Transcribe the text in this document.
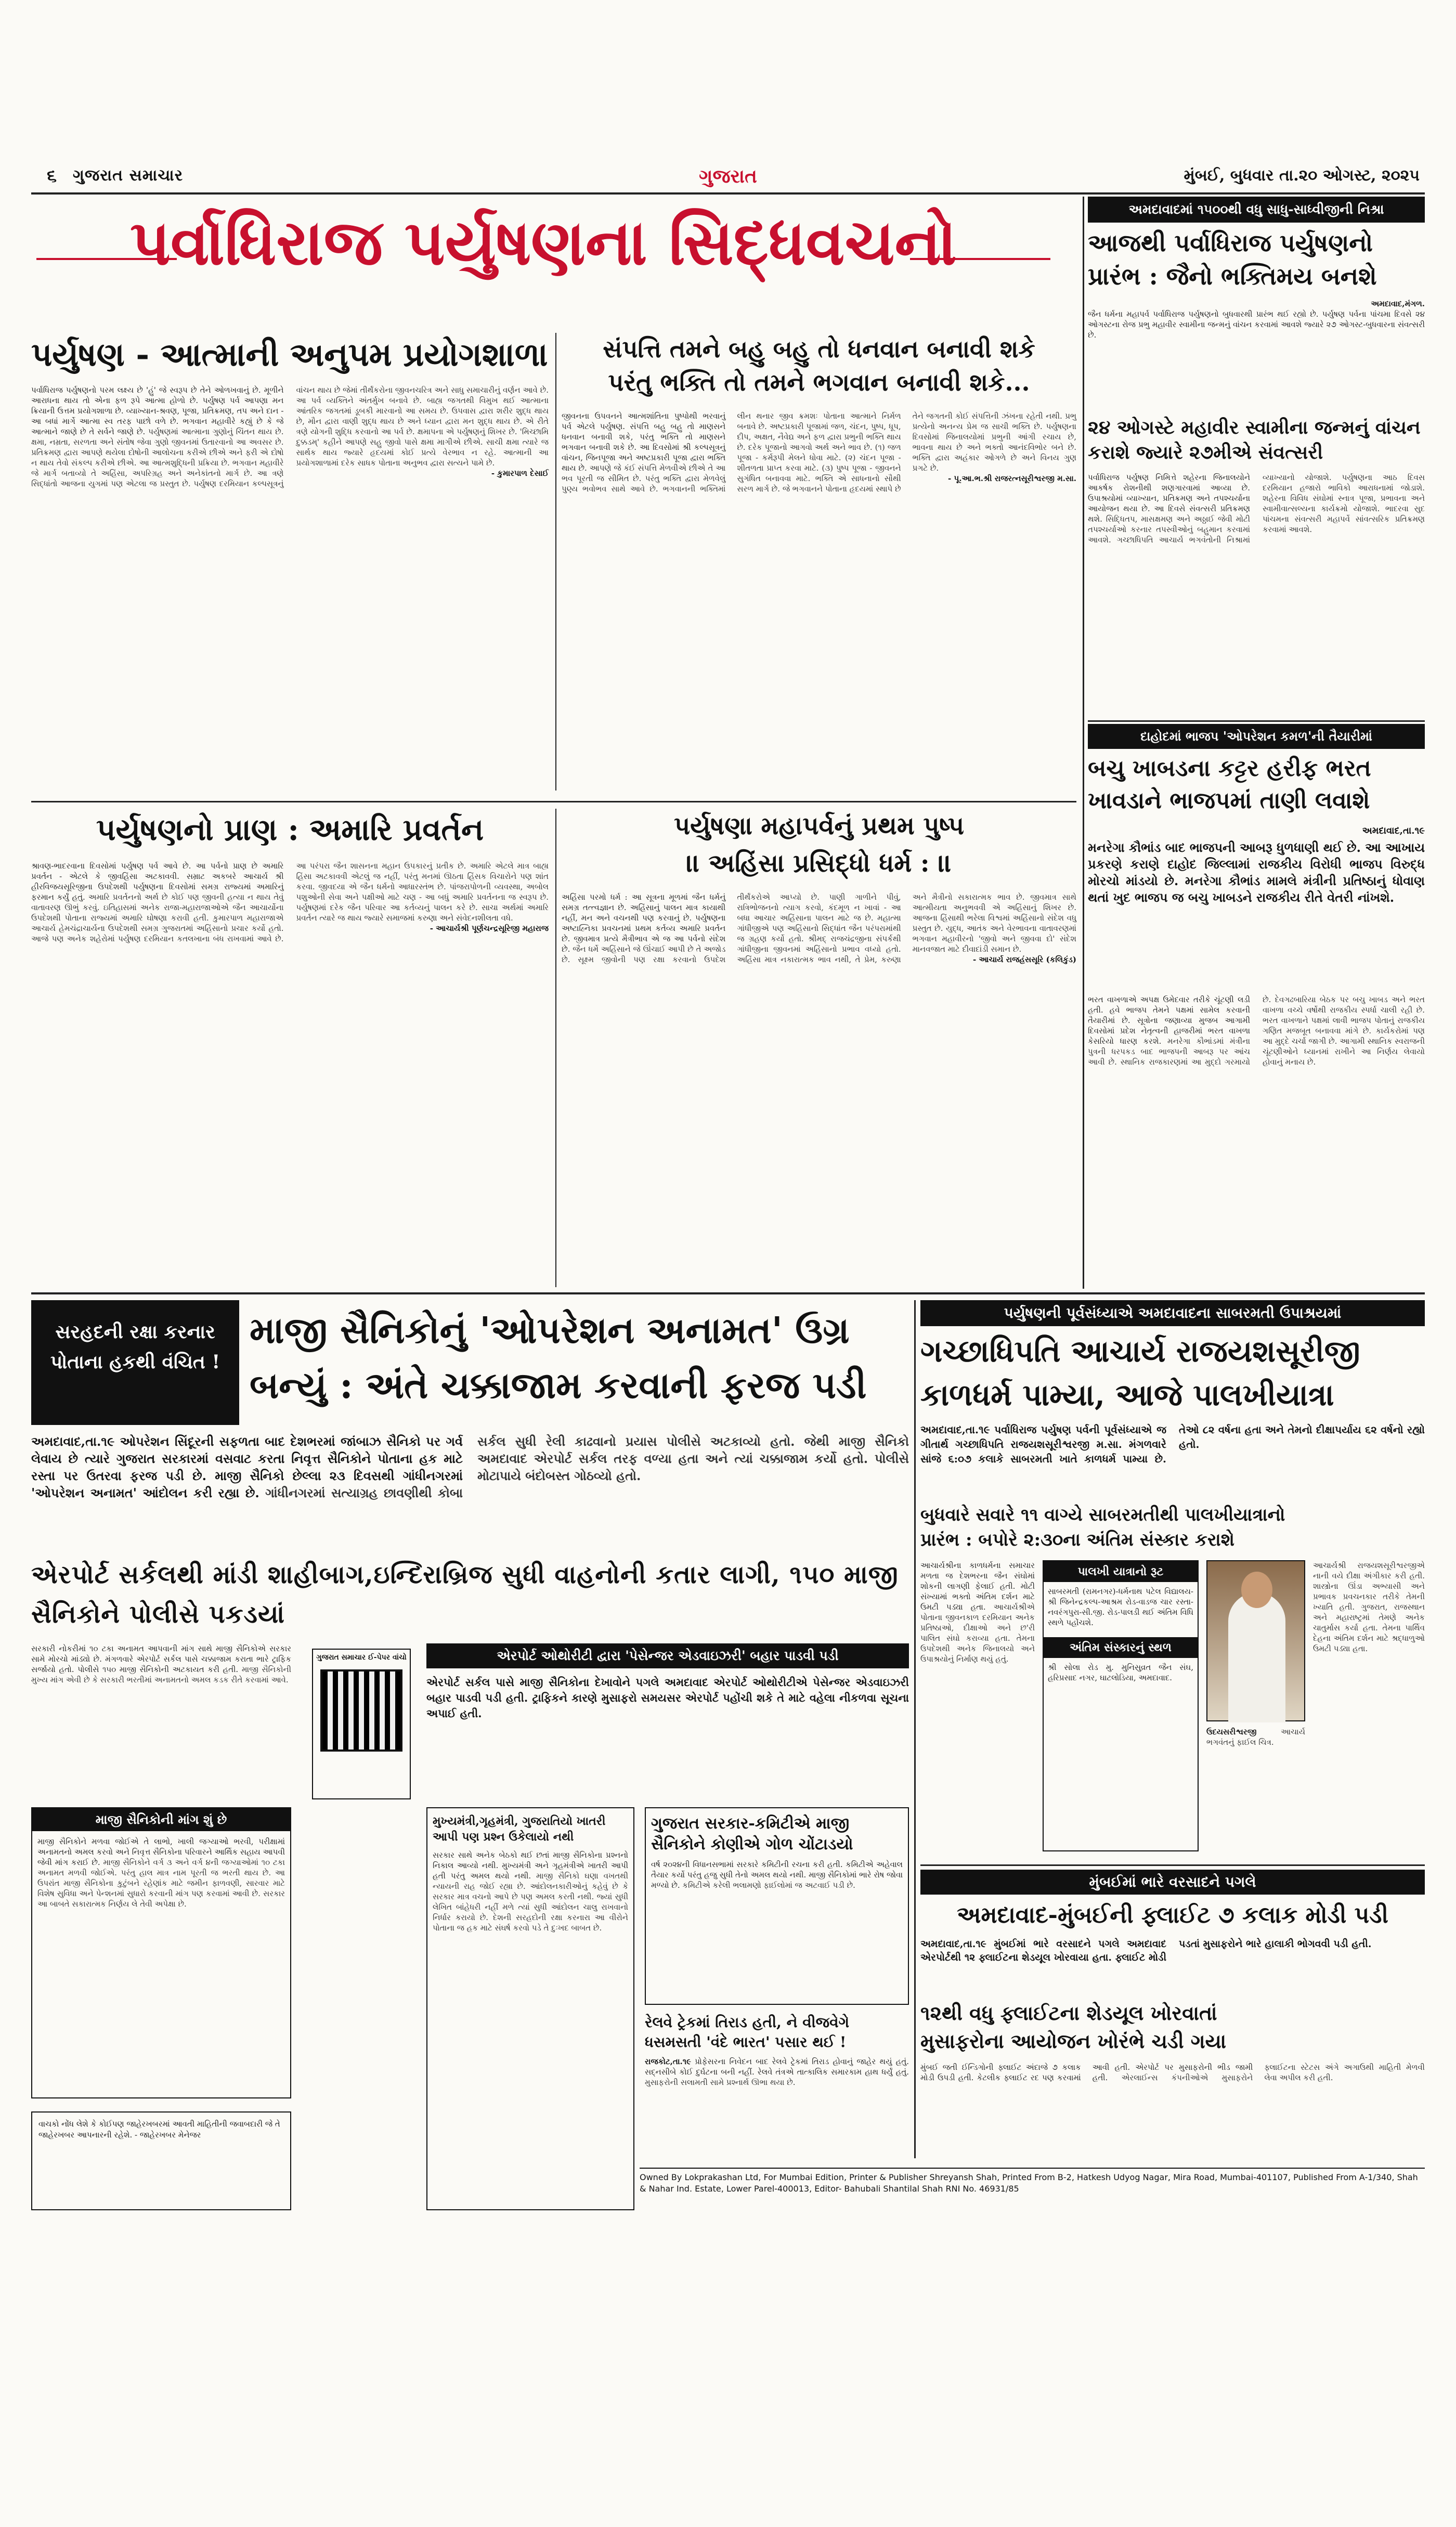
૬ ગુજરાત સમાચાર	ગુજરાત	મુંબઈ, બુધવાર તા.૨૦ ઓગસ્ટ, ૨૦૨૫
પર્વાધિરાજ પર્યુષણના સિદ્ધવચનો
પર્યુષણ - આત્માની અનુપમ પ્રયોગશાળા
પર્વાધિરાજ પર્યુષણનો પરમ લક્ષ્ય છે 'હું' જે સ્વરૂપ છે તેને ઓળખવાનું છે. મૂળીને આરાધના થાય તો એના ફળ રૂપે આત્મા હોળો છે. પર્યુષણ પર્વ આપણા મન ક્રિયાની ઉત્તમ પ્રયોગશાળા છે. વ્યાખ્યાન-શ્રવણ, પૂજા, પ્રતિક્રમણ, તપ અને દાન - આ બધાં માર્ગે આત્મા સ્વ તરફ પાછો વળે છે. ભગવાન મહાવીરે કહ્યું છે કે જે આત્માને જાણે છે તે સર્વને જાણે છે. પર્યુષણમાં આત્માના ગુણોનું ચિંતન થાય છે. ક્ષમા, નમ્રતા, સરળતા અને સંતોષ જેવા ગુણો જીવનમાં ઉતારવાનો આ અવસર છે. પ્રતિક્રમણ દ્વારા આપણે થયેલા દોષોની આલોચના કરીએ છીએ અને ફરી એ દોષો ન થાય તેવો સંકલ્પ કરીએ છીએ. આ આત્મશુદ્ધિની પ્રક્રિયા છે. ભગવાન મહાવીરે જે માર્ગ બતાવ્યો તે અહિંસા, અપરિગ્રહ અને અનેકાંતનો માર્ગ છે. આ ત્રણે સિદ્ધાંતો આજના યુગમાં પણ એટલા જ પ્રસ્તુત છે. પર્યુષણ દરમિયાન કલ્પસૂત્રનું વાંચન થાય છે જેમાં તીર્થંકરોના જીવનચરિત્ર અને સાધુ સમાચારીનું વર્ણન આવે છે. આ પર્વ વ્યક્તિને અંતર્મુખ બનાવે છે. બાહ્ય જગતથી વિમુખ થઈ આત્માના આંતરિક જગતમાં ડૂબકી મારવાનો આ સમય છે. ઉપવાસ દ્વારા શરીર શુદ્ધ થાય છે, મૌન દ્વારા વાણી શુદ્ધ થાય છે અને ધ્યાન દ્વારા મન શુદ્ધ થાય છે. એ રીતે ત્રણે યોગની શુદ્ધિ કરવાનો આ પર્વ છે. ક્ષમાપના એ પર્યુષણનું શિખર છે. 'મિચ્છામિ દુક્કડમ્' કહીને આપણે સહુ જીવો પાસે ક્ષમા માગીએ છીએ. સાચી ક્ષમા ત્યારે જ સાર્થક થાય જ્યારે હૃદયમાં કોઈ પ્રત્યે વેરભાવ ન રહે. આત્માની આ પ્રયોગશાળામાં દરેક સાધક પોતાના અનુભવ દ્વારા સત્યને પામે છે.
- કુમારપાળ દેસાઈ
સંપત્તિ તમને બહુ બહુ તો ધનવાન બનાવી શકે
પરંતુ ભક્તિ તો તમને ભગવાન બનાવી શકે...
જીવનના ઉપવનને આત્મશાંતિના પુષ્પોથી ભરવાનું પર્વ એટલે પર્યુષણ. સંપત્તિ બહુ બહુ તો માણસને ધનવાન બનાવી શકે, પરંતુ ભક્તિ તો માણસને ભગવાન બનાવી શકે છે. આ દિવસોમાં શ્રી કલ્પસૂત્રનું વાંચન, જિનપૂજા અને અષ્ટપ્રકારી પૂજા દ્વારા ભક્તિ થાય છે. આપણે જે કંઈ સંપત્તિ મેળવીએ છીએ તે આ ભવ પૂરતી જ સીમિત છે. પરંતુ ભક્તિ દ્વારા મેળવેલું પુણ્ય ભવોભવ સાથે આવે છે. ભગવાનની ભક્તિમાં લીન થનાર જીવ ક્રમશઃ પોતાના આત્માને નિર્મળ બનાવે છે. અષ્ટપ્રકારી પૂજામાં જળ, ચંદન, પુષ્પ, ધૂપ, દીપ, અક્ષત, નૈવેદ્ય અને ફળ દ્વારા પ્રભુની ભક્તિ થાય છે. દરેક પૂજાનો આગવો અર્થ અને ભાવ છે. (૧) જળ પૂજા - કર્મરૂપી મેલને ધોવા માટે. (૨) ચંદન પૂજા - શીતળતા પ્રાપ્ત કરવા માટે. (૩) પુષ્પ પૂજા - જીવનને સુગંધિત બનાવવા માટે. ભક્તિ એ સાધનાનો સૌથી સરળ માર્ગ છે. જે ભગવાનને પોતાના હૃદયમાં સ્થાપે છે તેને જગતની કોઈ સંપત્તિની ઝંખના રહેતી નથી. પ્રભુ પ્રત્યેનો અનન્ય પ્રેમ જ સાચી ભક્તિ છે. પર્યુષણના દિવસોમાં જિનાલયોમાં પ્રભુની આંગી રચાય છે, ભાવના થાય છે અને ભક્તો આનંદવિભોર બને છે. ભક્તિ દ્વારા અહંકાર ઓગળે છે અને વિનય ગુણ પ્રગટે છે.
- પૂ.આ.ભ.શ્રી રાજરત્નસૂરીશ્વરજી મ.સા.
પર્યુષણનો પ્રાણ : અમારિ પ્રવર્તન
શ્રાવણ-ભાદરવાના દિવસોમાં પર્યુષણ પર્વ આવે છે. આ પર્વનો પ્રાણ છે અમારિ પ્રવર્તન - એટલે કે જીવહિંસા અટકાવવી. સમ્રાટ અકબરે આચાર્ય શ્રી હીરવિજયસૂરિજીના ઉપદેશથી પર્યુષણના દિવસોમાં સમગ્ર રાજ્યમાં અમારિનું ફરમાન કર્યું હતું. અમારિ પ્રવર્તનનો અર્થ છે કોઈ પણ જીવની હત્યા ન થાય તેવું વાતાવરણ ઊભું કરવું. ઇતિહાસમાં અનેક રાજા-મહારાજાઓએ જૈન આચાર્યોના ઉપદેશથી પોતાના રાજ્યમાં અમારિ ઘોષણા કરાવી હતી. કુમારપાળ મહારાજાએ આચાર્ય હેમચંદ્રાચાર્યના ઉપદેશથી સમગ્ર ગુજરાતમાં અહિંસાનો પ્રચાર કર્યો હતો. આજે પણ અનેક શહેરોમાં પર્યુષણ દરમિયાન કતલખાના બંધ રાખવામાં આવે છે. આ પરંપરા જૈન શાસનના મહાન ઉપકારનું પ્રતીક છે. અમારિ એટલે માત્ર બાહ્ય હિંસા અટકાવવી એટલું જ નહીં, પરંતુ મનમાં ઊઠતા હિંસક વિચારોને પણ શાંત કરવા. જીવદયા એ જૈન ધર્મનો આધારસ્તંભ છે. પાંજરાપોળની વ્યવસ્થા, અબોલ પશુઓની સેવા અને પક્ષીઓ માટે ચણ - આ બધું અમારિ પ્રવર્તનના જ સ્વરૂપ છે. પર્યુષણમાં દરેક જૈન પરિવાર આ કર્તવ્યનું પાલન કરે છે. સાચા અર્થમાં અમારિ પ્રવર્તન ત્યારે જ થાય જ્યારે સમાજમાં કરુણા અને સંવેદનશીલતા વધે.
- આચાર્યશ્રી પૂર્ણચન્દ્રસૂરિજી મહારાજ
પર્યુષણા મહાપર્વનું પ્રથમ પુષ્પ
।। અહિંસા પ્રસિદ્ધો ધર્મ : ।।
અહિંસા પરમો ધર્મ : આ સૂત્રના મૂળમાં જૈન ધર્મનું સમગ્ર તત્ત્વજ્ઞાન છે. અહિંસાનું પાલન માત્ર કાયાથી નહીં, મન અને વચનથી પણ કરવાનું છે. પર્યુષણના અષ્ટાહ્નિકા પ્રવચનમાં પ્રથમ કર્તવ્ય અમારિ પ્રવર્તન છે. જીવમાત્ર પ્રત્યે મૈત્રીભાવ એ જ આ પર્વનો સંદેશ છે. જૈન ધર્મે અહિંસાને જે ઊંચાઈ આપી છે તે અજોડ છે. સૂક્ષ્મ જીવોની પણ રક્ષા કરવાનો ઉપદેશ તીર્થંકરોએ આપ્યો છે. પાણી ગાળીને પીવું, રાત્રિભોજનનો ત્યાગ કરવો, કંદમૂળ ન ખાવાં - આ બધા આચાર અહિંસાના પાલન માટે જ છે. મહાત્મા ગાંધીજીએ પણ અહિંસાનો સિદ્ધાંત જૈન પરંપરામાંથી જ ગ્રહણ કર્યો હતો. શ્રીમદ્ રાજચંદ્રજીના સંપર્કથી ગાંધીજીના જીવનમાં અહિંસાનો પ્રભાવ વધ્યો હતો. અહિંસા માત્ર નકારાત્મક ભાવ નથી, તે પ્રેમ, કરુણા અને મૈત્રીનો સકારાત્મક ભાવ છે. જીવમાત્ર સાથે આત્મીયતા અનુભવવી એ અહિંસાનું શિખર છે. આજના હિંસાથી ભરેલા વિશ્વમાં અહિંસાનો સંદેશ વધુ પ્રસ્તુત છે. યુદ્ધ, આતંક અને વેરભાવના વાતાવરણમાં ભગવાન મહાવીરનો 'જીવો અને જીવવા દો' સંદેશ માનવજાત માટે દીવાદાંડી સમાન છે.
- આચાર્ય રાજહંસસૂરિ (કલિકુંડ)
અમદાવાદમાં ૧૫૦૦થી વધુ સાધુ-સાધ્વીજીની નિશ્રા
આજથી પર્વાધિરાજ પર્યુષણનો
પ્રારંભ : જૈનો ભક્તિમય બનશે
અમદાવાદ,મંગળ.
જૈન ધર્મના મહાપર્વ પર્વાધિરાજ પર્યુષણનો બુધવારથી પ્રારંભ થઈ રહ્યો છે. પર્યુષણ પર્વના પાંચમા દિવસે ૨૪ ઓગસ્ટના રોજ પ્રભુ મહાવીર સ્વામીના જન્મનું વાંચન કરવામાં આવશે જ્યારે ૨૭ ઓગસ્ટ-બુધવારના સંવત્સરી છે.
૨૪ ઓગસ્ટે મહાવીર સ્વામીના જન્મનું વાંચન કરાશે જ્યારે ૨૭મીએ સંવત્સરી
પર્વાધિરાજ પર્યુષણ નિમિત્તે શહેરના જિનાલયોને આકર્ષક રોશનીથી શણગારવામાં આવ્યા છે. ઉપાશ્રયોમાં વ્યાખ્યાન, પ્રતિક્રમણ અને તપશ્ચર્યાના આયોજન થયા છે. આ દિવસે સંવત્સરી પ્રતિક્રમણ થશે. સિદ્ધિતપ, માસક્ષમણ અને અઠ્ઠાઈ જેવી મોટી તપશ્ચર્યાઓ કરનાર તપસ્વીઓનું બહુમાન કરવામાં આવશે. ગચ્છાધિપતિ આચાર્ય ભગવંતોની નિશ્રામાં વ્યાખ્યાનો યોજાશે. પર્યુષણના આઠ દિવસ દરમિયાન હજારો ભાવિકો આરાધનામાં જોડાશે. શહેરના વિવિધ સંઘોમાં સ્નાત્ર પૂજા, પ્રભાવના અને સ્વામીવાત્સલ્યના કાર્યક્રમો યોજાશે. ભાદરવા સુદ પાંચમના સંવત્સરી મહાપર્વે સાંવત્સરિક પ્રતિક્રમણ કરવામાં આવશે.
દાહોદમાં ભાજપ 'ઓપરેશન કમળ'ની તૈયારીમાં
બચુ ખાબડના કટ્ટર હરીફ ભરત
ખાવડાને ભાજપમાં તાણી લવાશે
અમદાવાદ,તા.૧૯
મનરેગા કૌભાંડ બાદ ભાજપની આબરૂ ધુળધાણી થઈ છે. આ આખાય પ્રકરણે કરાણે દાહોદ જિલ્લામાં રાજકીય વિરોધી ભાજપ વિરુદ્ધ મોરચો માંડયો છે. મનરેગા કૌભાંડ મામલે મંત્રીની પ્રતિષ્ઠાનું ધોવાણ થતાં ખુદ ભાજપ જ બચુ ખાબડને રાજકીય રીતે વેતરી નાંખશે.
ભરત વાખળાએ અપક્ષ ઉમેદવાર તરીકે ચૂંટણી લડી હતી. હવે ભાજપ તેમને પક્ષમાં સામેલ કરવાની તૈયારીમાં છે. સૂત્રોના જણાવ્યા મુજબ આગામી દિવસોમાં પ્રદેશ નેતૃત્વની હાજરીમાં ભરત વાખળા કેસરિયો ધારણ કરશે. મનરેગા કૌભાંડમાં મંત્રીના પુત્રની ધરપકડ બાદ ભાજપની આબરૂ પર આંચ આવી છે. સ્થાનિક રાજકારણમાં આ મુદ્દો ગરમાયો છે. દેવગઢબારિયા બેઠક પર બચુ ખાબડ અને ભરત વાખળા વચ્ચે વર્ષોથી રાજકીય સ્પર્ધા ચાલી રહી છે. ભરત વાખળાને પક્ષમાં લાવી ભાજપ પોતાનું રાજકીય ગણિત મજબૂત બનાવવા માંગે છે. કાર્યકરોમાં પણ આ મુદ્દે ચર્ચા જાગી છે. આગામી સ્થાનિક સ્વરાજની ચૂંટણીઓને ધ્યાનમાં રાખીને આ નિર્ણય લેવાયો હોવાનું મનાય છે.
સરહદની રક્ષા કરનાર પોતાના હકથી વંચિત !
માજી સૈનિકોનું 'ઓપરેશન અનામત' ઉગ્ર
બન્યું : અંતે ચક્કાજામ કરવાની ફરજ પડી
અમદાવાદ,તા.૧૯ ઓપરેશન સિંદૂરની સફળતા બાદ દેશભરમાં જાંબાઝ સૈનિકો પર ગર્વ લેવાય છે ત્યારે ગુજરાત સરકારમાં વસવાટ કરતા નિવૃત્ત સૈનિકોને પોતાના હક માટે રસ્તા પર ઉતરવા ફરજ પડી છે. માજી સૈનિકો છેલ્લા ૨૩ દિવસથી ગાંધીનગરમાં 'ઓપરેશન અનામત' આંદોલન કરી રહ્યા છે. ગાંધીનગરમાં સત્યાગ્રહ છાવણીથી કોબા સર્કલ સુધી રેલી કાઢવાનો પ્રયાસ પોલીસે અટકાવ્યો હતો. જેથી માજી સૈનિકો અમદાવાદ એરપોર્ટ સર્કલ તરફ વળ્યા હતા અને ત્યાં ચક્કાજામ કર્યો હતો. પોલીસે મોટાપાયે બંદોબસ્ત ગોઠવ્યો હતો.
એરપોર્ટ સર્કલથી માંડી શાહીબાગ,ઇન્દિરાબ્રિજ સુધી વાહનોની કતાર લાગી, ૧૫૦ માજી સૈનિકોને પોલીસે પકડયાં
સરકારી નોકરીમાં ૧૦ ટકા અનામત આપવાની માંગ સાથે માજી સૈનિકોએ સરકાર સામે મોરચો માંડ્યો છે. મંગળવારે એરપોર્ટ સર્કલ પાસે ચક્કાજામ કરાતા ભારે ટ્રાફિક સર્જાયો હતો. પોલીસે ૧૫૦ માજી સૈનિકોની અટકાયત કરી હતી. માજી સૈનિકોની મુખ્ય માંગ એવી છે કે સરકારી ભરતીમાં અનામતનો અમલ કડક રીતે કરવામાં આવે.
ગુજરાત સમાચાર ઈ-પેપર વાંચો
માજી સૈનિકોની માંગ શું છે
માજી સૈનિકોને મળવા જોઈએ તે લાભો, ખાલી જગ્યાઓ ભરવી, પરીક્ષામાં અનામતનો અમલ કરવો અને નિવૃત્ત સૈનિકોના પરિવારને આર્થિક સહાય આપવી જેવી માંગ કરાઈ છે. માજી સૈનિકોને વર્ગ ૩ અને વર્ગ ૪ની જગ્યાઓમાં ૧૦ ટકા અનામત મળવી જોઈએ. પરંતુ હાલ માત્ર નામ પૂરતી જ ભરતી થાય છે. આ ઉપરાંત માજી સૈનિકોના કુટુંબને રહેણાંક માટે જમીન ફાળવણી, સારવાર માટે વિશેષ સુવિધા અને પેન્શનમાં સુધારો કરવાની માંગ પણ કરવામાં આવી છે. સરકાર આ બાબતે સકારાત્મક નિર્ણય લે તેવી અપેક્ષા છે.
વાચકો નોંધ લેશે કે કોઈપણ જાહેરખબરમાં આવતી માહિતીની જવાબદારી જે તે જાહેરખબર આપનારની રહેશે. - જાહેરખબર મેનેજર
એરપોર્ટ ઓથોરીટી દ્વારા 'પેસેન્જર એડવાઇઝરી' બહાર પાડવી પડી
એરપોર્ટ સર્કલ પાસે માજી સૈનિકોના દેખાવોને પગલે અમદાવાદ એરપોર્ટ ઓથોરીટીએ પેસેન્જર એડવાઇઝરી બહાર પાડવી પડી હતી. ટ્રાફિકને કારણે મુસાફરો સમયસર એરપોર્ટ પહોંચી શકે તે માટે વહેલા નીકળવા સૂચના અપાઈ હતી.
મુખ્યમંત્રી,ગૃહમંત્રી, ગુજરાતિયો ખાતરી આપી પણ પ્રશ્ન ઉકેલાયો નથી
સરકાર સાથે અનેક બેઠકો થઈ છતાં માજી સૈનિકોના પ્રશ્નનો નિકાલ આવ્યો નથી. મુખ્યમંત્રી અને ગૃહમંત્રીએ ખાતરી આપી હતી પરંતુ અમલ થયો નથી. માજી સૈનિકો ઘણા વખતથી ન્યાયની રાહ જોઈ રહ્યા છે. આંદોલનકારીઓનું કહેવું છે કે સરકાર માત્ર વચનો આપે છે પણ અમલ કરતી નથી. જ્યાં સુધી લેખિત બાંહેધરી નહીં મળે ત્યાં સુધી આંદોલન ચાલુ રાખવાનો નિર્ધાર કરાયો છે. દેશની સરહદોની રક્ષા કરનારા આ વીરોને પોતાના જ હક માટે સંઘર્ષ કરવો પડે તે દુઃખદ બાબત છે.
ગુજરાત સરકાર-કમિટીએ માજી
સૈનિકોને કોણીએ ગોળ ચોંટાડયો
વર્ષ ૨૦૨૪ની વિધાનસભામાં સરકારે કમિટીની રચના કરી હતી. કમિટીએ અહેવાલ તૈયાર કર્યો પરંતુ હજુ સુધી તેનો અમલ થયો નથી. માજી સૈનિકોમાં ભારે રોષ જોવા મળ્યો છે. કમિટીએ કરેલી ભલામણો ફાઈલોમાં જ અટવાઈ પડી છે.
રેલવે ટ્રેકમાં તિરાડ હતી, ને વીજવેગે
ધસમસતી 'વંદે ભારત' પસાર થઈ !
રાજકોટ,તા.૧૯ પ્રોફેસરના નિવેદન બાદ રેલવે ટ્રેકમાં તિરાડ હોવાનું જાહેર થયું હતું. સદ્નસીબે કોઈ દુર્ઘટના બની નહીં. રેલવે તંત્રએ તાત્કાલિક સમારકામ હાથ ધર્યું હતું. મુસાફરોની સલામતી સામે પ્રશ્નાર્થ ઊભા થયા છે.
Owned By Lokprakashan Ltd, For Mumbai Edition, Printer & Publisher Shreyansh Shah, Printed From B-2, Hatkesh Udyog Nagar, Mira Road, Mumbai-401107, Published From A-1/340, Shah & Nahar Ind. Estate, Lower Parel-400013, Editor- Bahubali Shantilal Shah RNI No. 46931/85
પર્યુષણની પૂર્વસંધ્યાએ અમદાવાદના સાબરમતી ઉપાશ્રયમાં
ગચ્છાધિપતિ આચાર્ય રાજયશસૂરીજી
કાળધર્મ પામ્યા, આજે પાલખીયાત્રા
અમદાવાદ,તા.૧૯ પર્વાધિરાજ પર્યુષણ પર્વની પૂર્વસંધ્યાએ જ ગીતાર્થ ગચ્છાધિપતિ રાજયશસૂરીશ્વરજી મ.સા. મંગળવારે સાંજે ૬:૦૭ કલાકે સાબરમતી ખાતે કાળધર્મ પામ્યા છે. તેઓ ૮૨ વર્ષના હતા અને તેમનો દીક્ષાપર્યાય ૬૨ વર્ષનો રહ્યો હતો.
બુધવારે સવારે ૧૧ વાગ્યે સાબરમતીથી પાલખીયાત્રાનો
પ્રારંભ : બપોરે ૨:૩૦ના અંતિમ સંસ્કાર કરાશે
આચાર્યશ્રીના કાળધર્મના સમાચાર મળતા જ દેશભરના જૈન સંઘોમાં શોકની લાગણી ફેલાઈ હતી. મોટી સંખ્યામાં ભક્તો અંતિમ દર્શન માટે ઉમટી પડ્યા હતા. આચાર્યશ્રીએ પોતાના જીવનકાળ દરમિયાન અનેક પ્રતિષ્ઠાઓ, દીક્ષાઓ અને છ'રી પાલિત સંઘો કરાવ્યા હતા. તેમના ઉપદેશથી અનેક જિનાલયો અને ઉપાશ્રયોનું નિર્માણ થયું હતું.
પાલખી યાત્રાનો રૂટ
સાબરમતી (રામનગર)-ધર્મનાથ પટેલ વિદ્યાલય-શ્રી જિનેન્દ્રકલ્પ-આશ્રમ રોડ-વાડજ ચાર રસ્તા-નવરંગપુરા-સી.જી. રોડ-પાલડી થઈ અંતિમ વિધિ સ્થળે પહોંચશે.
અંતિમ સંસ્કારનું સ્થળ
શ્રી સોલા રોડ મુ. મુનિસુવ્રત જૈન સંઘ, હરિપ્રસાદ નગર, ઘાટલોડિયા, અમદાવાદ.
ઉદયસરીશ્વરજી	આચાર્ય ભગવંતનું ફાઈલ ચિત્ર.
આચાર્યશ્રી રાજયશસૂરીશ્વરજીએ નાની વયે દીક્ષા અંગીકાર કરી હતી. શાસ્ત્રોના ઊંડા અભ્યાસી અને પ્રભાવક પ્રવચનકાર તરીકે તેમની ખ્યાતિ હતી. ગુજરાત, રાજસ્થાન અને મહારાષ્ટ્રમાં તેમણે અનેક ચાતુર્માસ કર્યા હતા. તેમના પાર્થિવ દેહના અંતિમ દર્શન માટે શ્રદ્ધાળુઓ ઉમટી પડ્યા હતા.
મુંબઈમાં ભારે વરસાદને પગલે
અમદાવાદ-મુંબઈની ફ્લાઈટ ૭ કલાક મોડી પડી
અમદાવાદ,તા.૧૯ મુંબઈમાં ભારે વરસાદને પગલે અમદાવાદ એરપોર્ટથી ૧૨ ફ્લાઈટના શેડયૂલ ખોરવાયા હતા. ફ્લાઈટ મોડી પડતાં મુસાફરોને ભારે હાલાકી ભોગવવી પડી હતી.
૧૨થી વધુ ફ્લાઈટના શેડયૂલ ખોરવાતાં
મુસાફરોના આયોજન ખોરંભે ચડી ગયા
મુંબઈ જતી ઈન્ડિગોની ફ્લાઈટ અંદાજે ૭ કલાક મોડી ઉપડી હતી. કેટલીક ફ્લાઈટ રદ પણ કરવામાં આવી હતી. એરપોર્ટ પર મુસાફરોની ભીડ જામી હતી. એરલાઈન્સ કંપનીઓએ મુસાફરોને ફ્લાઈટના સ્ટેટસ અંગે અગાઉથી માહિતી મેળવી લેવા અપીલ કરી હતી.
